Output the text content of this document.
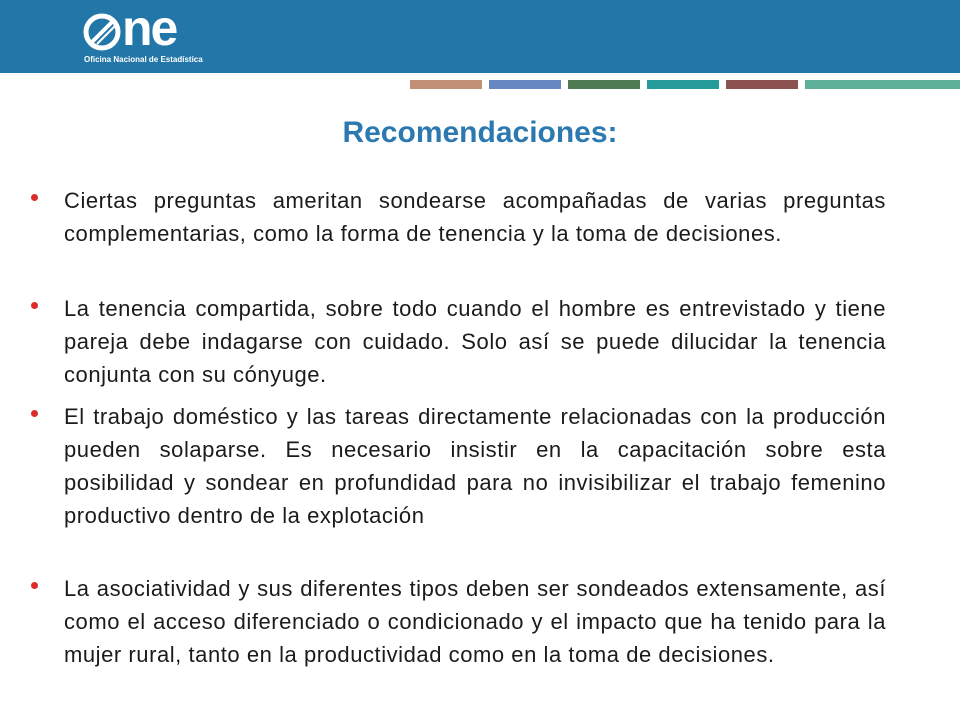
ne
Oficina Nacional de Estadística
Recomendaciones:
Ciertas preguntas ameritan sondearse acompañadas de varias preguntas complementarias, como la forma de tenencia y la toma de decisiones.
La tenencia compartida, sobre todo cuando el hombre es entrevistado y tiene pareja debe indagarse con cuidado. Solo así se puede dilucidar la tenencia conjunta con su cónyuge.
El trabajo doméstico y las tareas directamente relacionadas con la producción pueden solaparse. Es necesario insistir en la capacitación sobre esta posibilidad y sondear en profundidad para no invisibilizar el trabajo femenino productivo dentro de la explotación
La asociatividad y sus diferentes tipos deben ser sondeados extensamente, así como el acceso diferenciado o condicionado y el impacto que ha tenido para la mujer rural, tanto en la productividad como en la toma de decisiones.
